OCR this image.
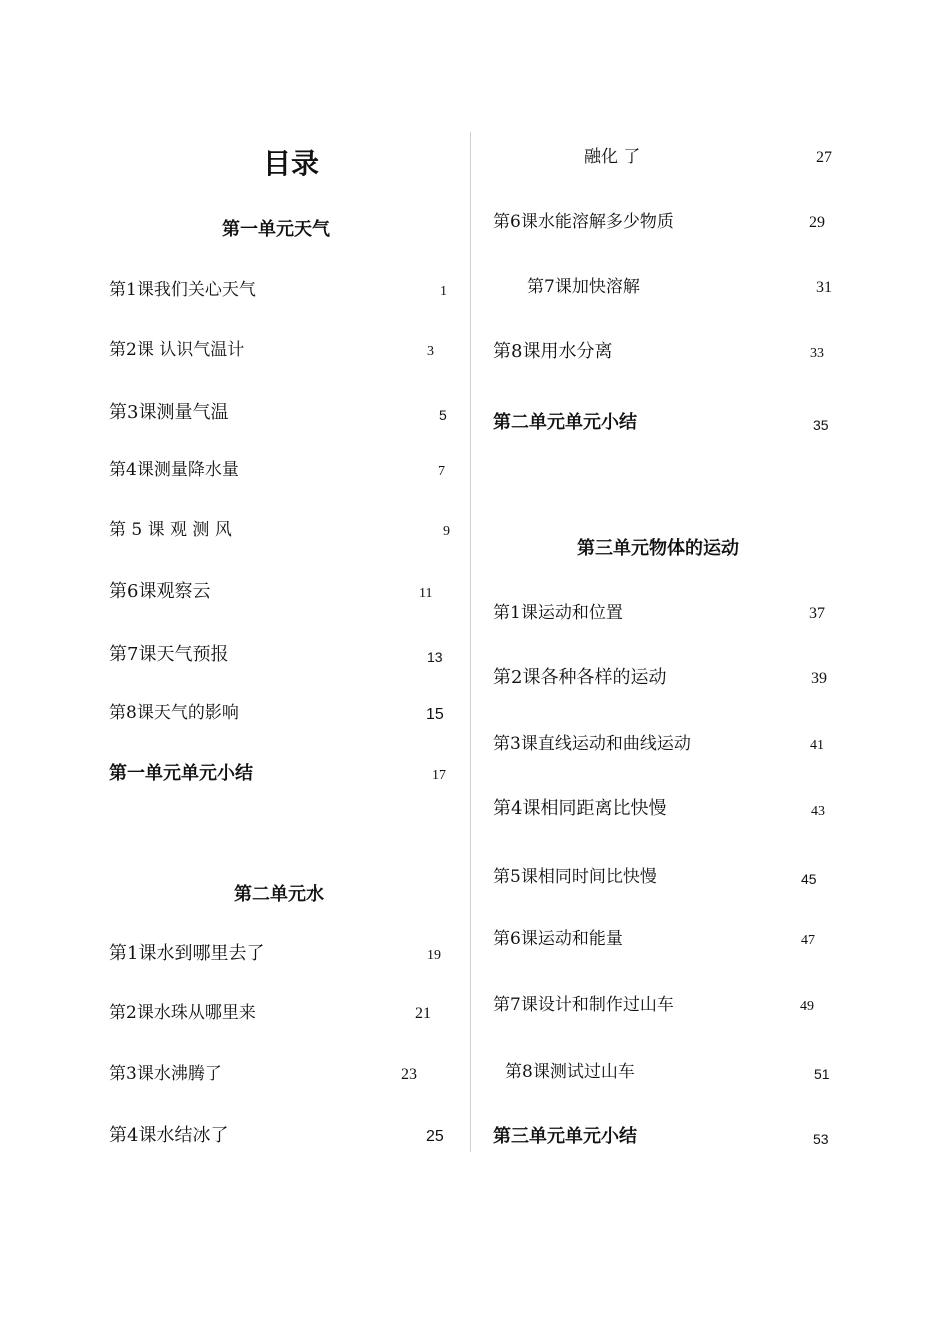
目录
第一单元天气
第1课我们关心天气	1
第2课 认识气温计	3
第3课测量气温	5
第4课测量降水量	7
第 5 课 观 测 风	9
第6课观察云	11
第7课天气预报	13
第8课天气的影响	15
第一单元单元小结	17
第二单元水
第1课水到哪里去了	19
第2课水珠从哪里来	21
第3课水沸腾了	23
第4课水结冰了	25
融化 了	27
第6课水能溶解多少物质	29
第7课加快溶解	31
第8课用水分离	33
第二单元单元小结	35
第三单元物体的运动
第1课运动和位置	37
第2课各种各样的运动	39
第3课直线运动和曲线运动	41
第4课相同距离比快慢	43
第5课相同时间比快慢	45
第6课运动和能量	47
第7课设计和制作过山车	49
第8课测试过山车	51
第三单元单元小结	53
